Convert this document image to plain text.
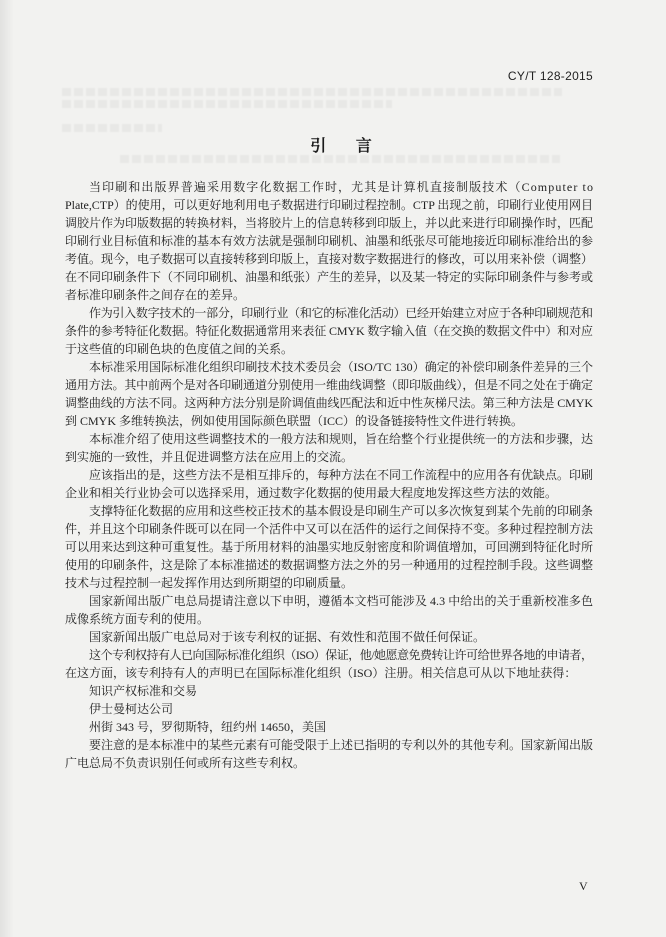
CY/T 128-2015
引 言
当印刷和出版界普遍采用数字化数据工作时，尤其是计算机直接制版技术（Computer to
Plate,CTP）的使用，可以更好地利用电子数据进行印刷过程控制。CTP 出现之前，印刷行业使用网目
调胶片作为印版数据的转换材料，当将胶片上的信息转移到印版上，并以此来进行印刷操作时，匹配
印刷行业目标值和标准的基本有效方法就是强制印刷机、油墨和纸张尽可能地接近印刷标准给出的参
考值。现今，电子数据可以直接转移到印版上，直接对数字数据进行的修改，可以用来补偿（调整）
在不同印刷条件下（不同印刷机、油墨和纸张）产生的差异，以及某一特定的实际印刷条件与参考或
者标准印刷条件之间存在的差异。
作为引入数字技术的一部分，印刷行业（和它的标准化活动）已经开始建立对应于各种印刷规范和
条件的参考特征化数据。特征化数据通常用来表征 CMYK 数字输入值（在交换的数据文件中）和对应
于这些值的印刷色块的色度值之间的关系。
本标准采用国际标准化组织印刷技术技术委员会（ISO/TC 130）确定的补偿印刷条件差异的三个
通用方法。其中前两个是对各印刷通道分别使用一维曲线调整（即印版曲线），但是不同之处在于确定
调整曲线的方法不同。这两种方法分别是阶调值曲线匹配法和近中性灰梯尺法。第三种方法是 CMYK
到 CMYK 多维转换法，例如使用国际颜色联盟（ICC）的设备链接特性文件进行转换。
本标准介绍了使用这些调整技术的一般方法和规则，旨在给整个行业提供统一的方法和步骤，达
到实施的一致性，并且促进调整方法在应用上的交流。
应该指出的是，这些方法不是相互排斥的，每种方法在不同工作流程中的应用各有优缺点。印刷
企业和相关行业协会可以选择采用，通过数字化数据的使用最大程度地发挥这些方法的效能。
支撑特征化数据的应用和这些校正技术的基本假设是印刷生产可以多次恢复到某个先前的印刷条
件，并且这个印刷条件既可以在同一个活件中又可以在活件的运行之间保持不变。多种过程控制方法
可以用来达到这种可重复性。基于所用材料的油墨实地反射密度和阶调值增加，可回溯到特征化时所
使用的印刷条件，这是除了本标准描述的数据调整方法之外的另一种通用的过程控制手段。这些调整
技术与过程控制一起发挥作用达到所期望的印刷质量。
国家新闻出版广电总局提请注意以下申明，遵循本文档可能涉及 4.3 中给出的关于重新校准多色
成像系统方面专利的使用。
国家新闻出版广电总局对于该专利权的证据、有效性和范围不做任何保证。
这个专利权持有人已向国际标准化组织（ISO）保证，他/她愿意免费转让许可给世界各地的申请者，
在这方面，该专利持有人的声明已在国际标准化组织（ISO）注册。相关信息可从以下地址获得：
知识产权标准和交易
伊士曼柯达公司
州街 343 号，罗彻斯特，纽约州 14650，美国
要注意的是本标准中的某些元素有可能受限于上述已指明的专利以外的其他专利。国家新闻出版
广电总局不负责识别任何或所有这些专利权。
V
